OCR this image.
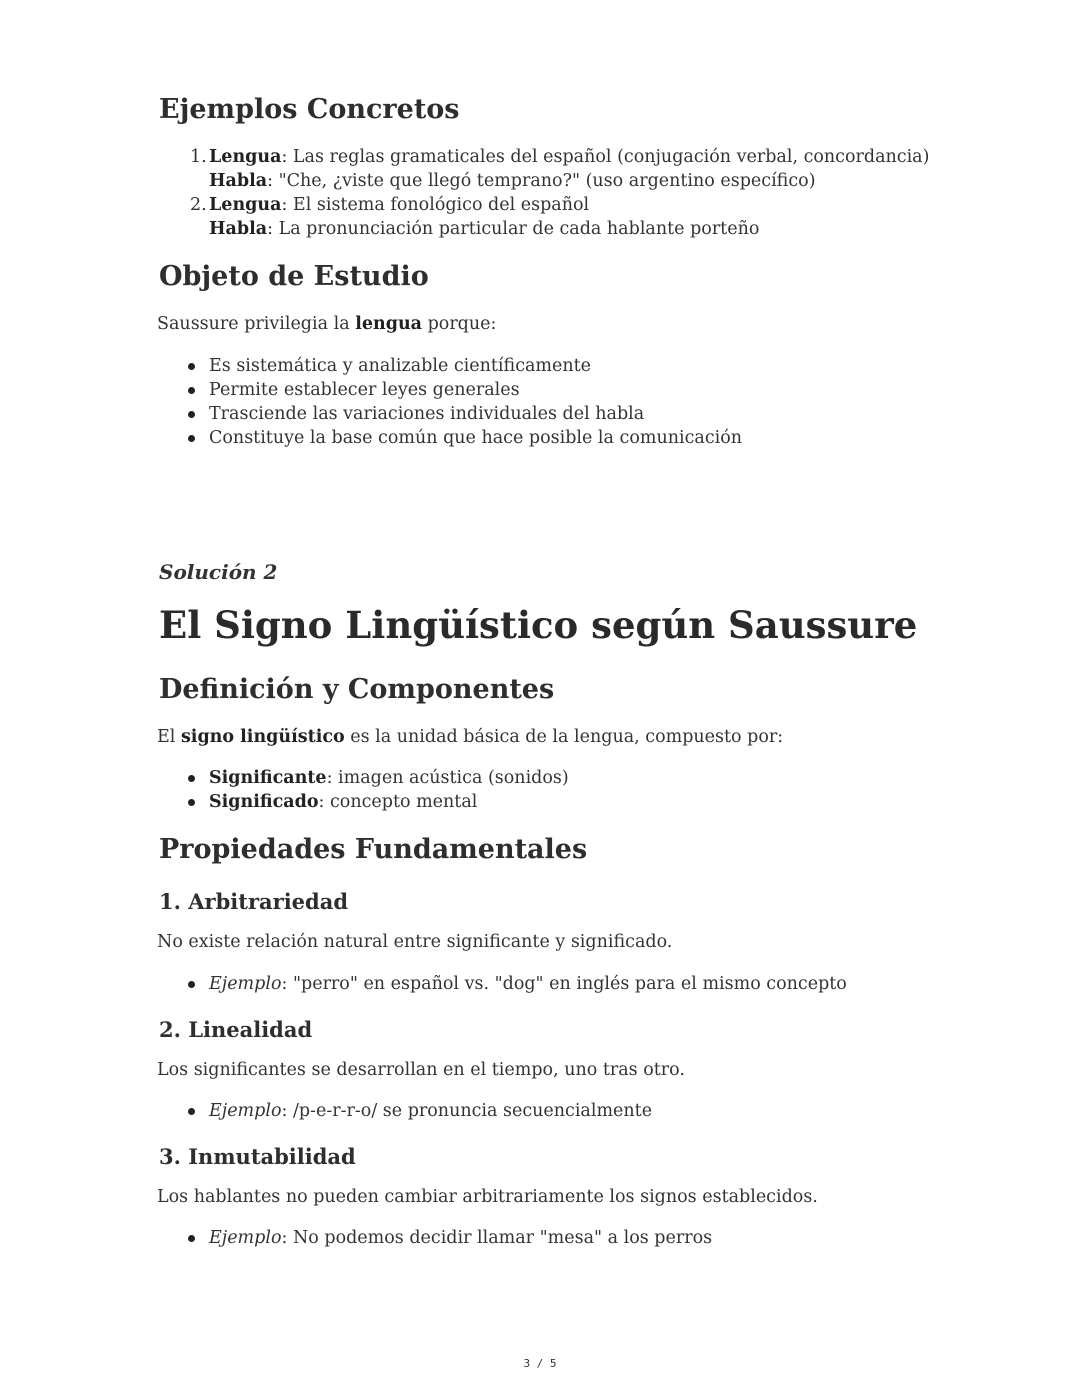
Ejemplos Concretos
1. Lengua: Las reglas gramaticales del español (conjugación verbal, concordancia)

Habla: "Che, ¿viste que llegó temprano?" (uso argentino específico)

2. Lengua: El sistema fonológico del español

Habla: La pronunciación particular de cada hablante porteño

Objeto de Estudio

Saussure privilegia la lengua porque:

Es sistemática y analizable científicamente

Permite establecer leyes generales

Trasciende las variaciones individuales del habla

Constituye la base común que hace posible la comunicación

Solución 2

El Signo Lingüístico según Saussure
Definición y Componentes

El signo lingüístico es la unidad básica de la lengua, compuesto por:

Significante: imagen acústica (sonidos)

Significado: concepto mental

Propiedades Fundamentales
1. Arbitrariedad

No existe relación natural entre significante y significado.

Ejemplo: "perro" en español vs. "dog" en inglés para el mismo concepto

2. Linealidad

Los significantes se desarrollan en el tiempo, uno tras otro.

Ejemplo: /p-e-r-r-o/ se pronuncia secuencialmente

3. Inmutabilidad

Los hablantes no pueden cambiar arbitrariamente los signos establecidos.

Ejemplo: No podemos decidir llamar "mesa" a los perros

3 / 5
